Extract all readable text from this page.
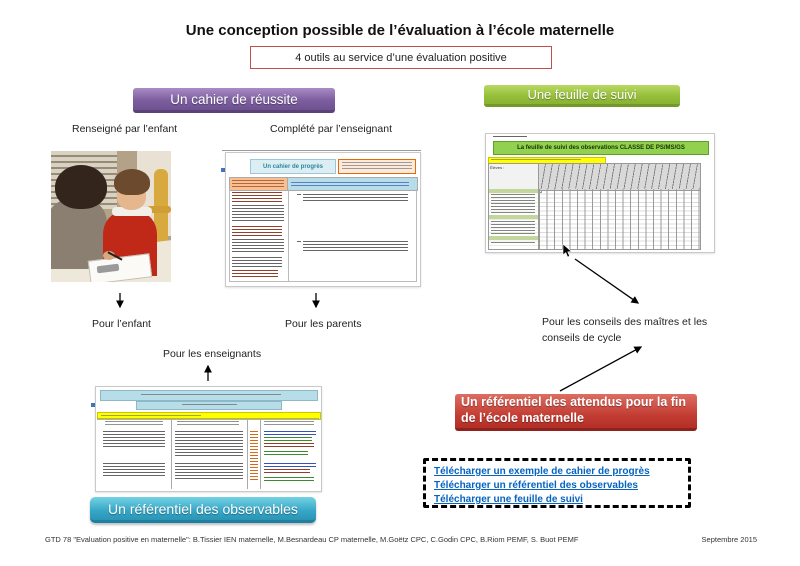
Une conception possible de l’évaluation à l’école maternelle
4 outils au service d’une évaluation positive
Un cahier de réussite	Une feuille de suivi
Renseigné par l’enfant	Complété par l’enseignant
Un cahier de progrès
La feuille de suivi des observations CLASSE DE PS/MS/GS
Élèves :
Pour l’enfant	Pour les parents
Pour les enseignants
Pour les conseils des maîtres et les conseils de cycle
Un référentiel des observables
Un référentiel des attendus pour la fin de l’école maternelle
Télécharger un exemple de cahier de progrès
Télécharger un référentiel des observables
Télécharger une feuille de suivi
GTD 78 "Evaluation positive en maternelle": B.Tissier IEN maternelle, M.Besnardeau CP maternelle, M.Goëtz CPC, C.Godin CPC, B.Riom PEMF, S. Buot PEMF	Septembre 2015
